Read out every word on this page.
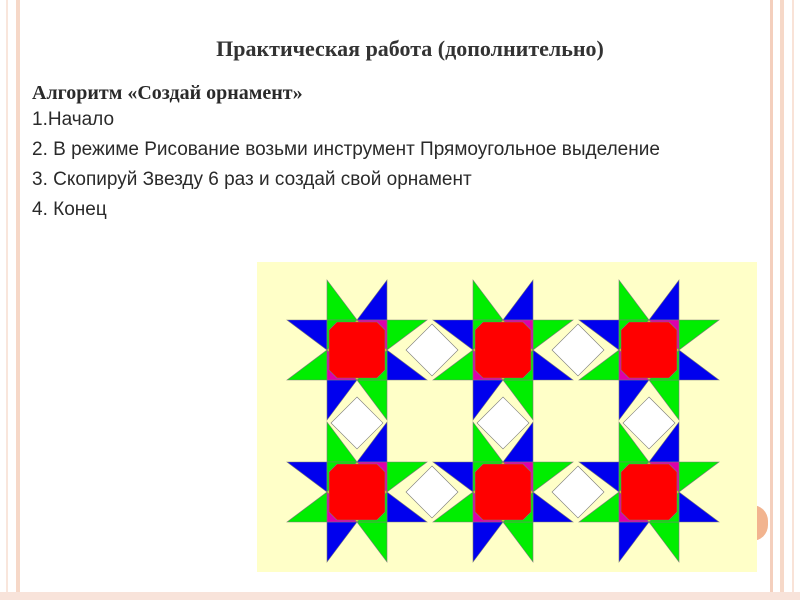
Практическая работа (дополнительно)
Алгоритм «Создай орнамент»
1.Начало
2. В режиме Рисование возьми инструмент Прямоугольное выделение
3. Скопируй Звезду 6 раз и создай свой орнамент
4. Конец
